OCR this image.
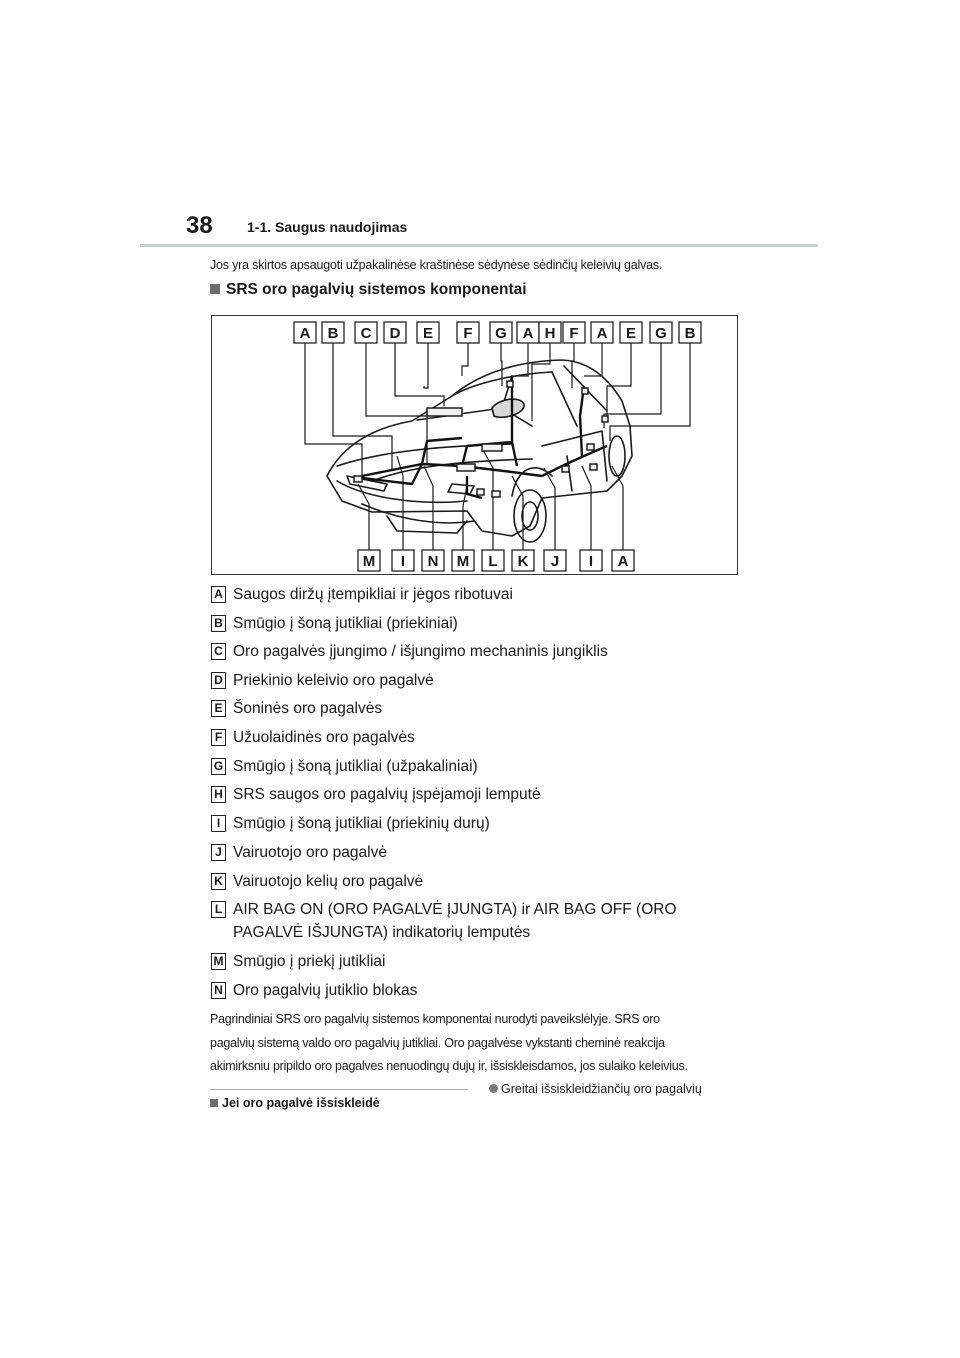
38 1-1. Saugus naudojimas
Jos yra skirtos apsaugoti užpakalinėse kraštinėse sėdynėse sėdinčių keleivių galvas.
SRS oro pagalvių sistemos komponentai
A B C D E F G A H F A E G B
M I N M L K J I A
A Saugos diržų įtempikliai ir jėgos ribotuvai
B Smūgio į šoną jutikliai (priekiniai)
C Oro pagalvės įjungimo / išjungimo mechaninis jungiklis
D Priekinio keleivio oro pagalvė
E Šoninės oro pagalvės
F Užuolaidinės oro pagalvės
G Smūgio į šoną jutikliai (užpakaliniai)
H SRS saugos oro pagalvių įspėjamoji lemputė
I Smūgio į šoną jutikliai (priekinių durų)
J Vairuotojo oro pagalvė
K Vairuotojo kelių oro pagalvė
L AIR BAG ON (ORO PAGALVĖ ĮJUNGTA) ir AIR BAG OFF (ORO
PAGALVĖ IŠJUNGTA) indikatorių lemputės
M Smūgio į priekį jutikliai
N Oro pagalvių jutiklio blokas

Pagrindiniai SRS oro pagalvių sistemos komponentai nurodyti paveikslėlyje. SRS oro

pagalvių sistemą valdo oro pagalvių jutikliai. Oro pagalvėse vykstanti cheminė reakcija

akimirksniu pripildo oro pagalves nenuodingų dujų ir, išsiskleisdamos, jos sulaiko keleivius.

Jei oro pagalvė išsiskleidė
Greitai išsiskleidžiančių oro pagalvių
